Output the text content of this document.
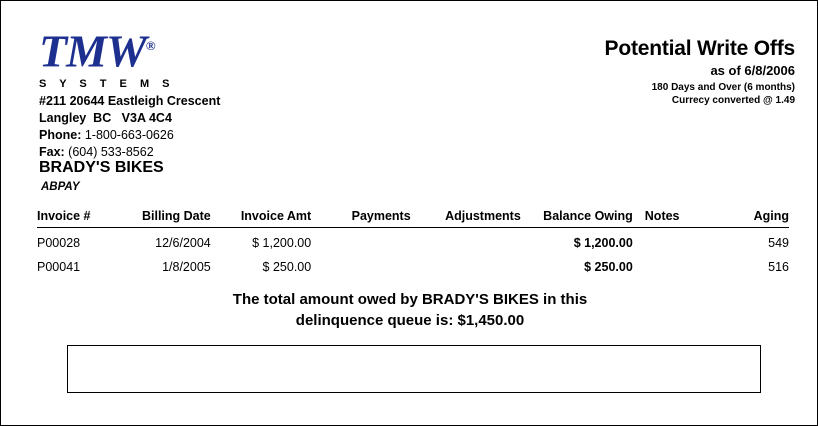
TMW®
S Y S T E M S
#211 20644 Eastleigh Crescent
Langley  BC   V3A 4C4
Phone: 1-800-663-0626
Fax: (604) 533-8562
BRADY'S BIKES
ABPAY
Potential Write Offs
as of 6/8/2006
180 Days and Over (6 months)
Currecy converted @ 1.49
Invoice #	Billing Date	Invoice Amt	Payments	Adjustments	Balance Owing	Notes	Aging
P00028	12/6/2004	$ 1,200.00			$ 1,200.00		549
P00041	1/8/2005	$ 250.00			$ 250.00		516
The total amount owed by BRADY'S BIKES in this
delinquence queue is: $1,450.00
